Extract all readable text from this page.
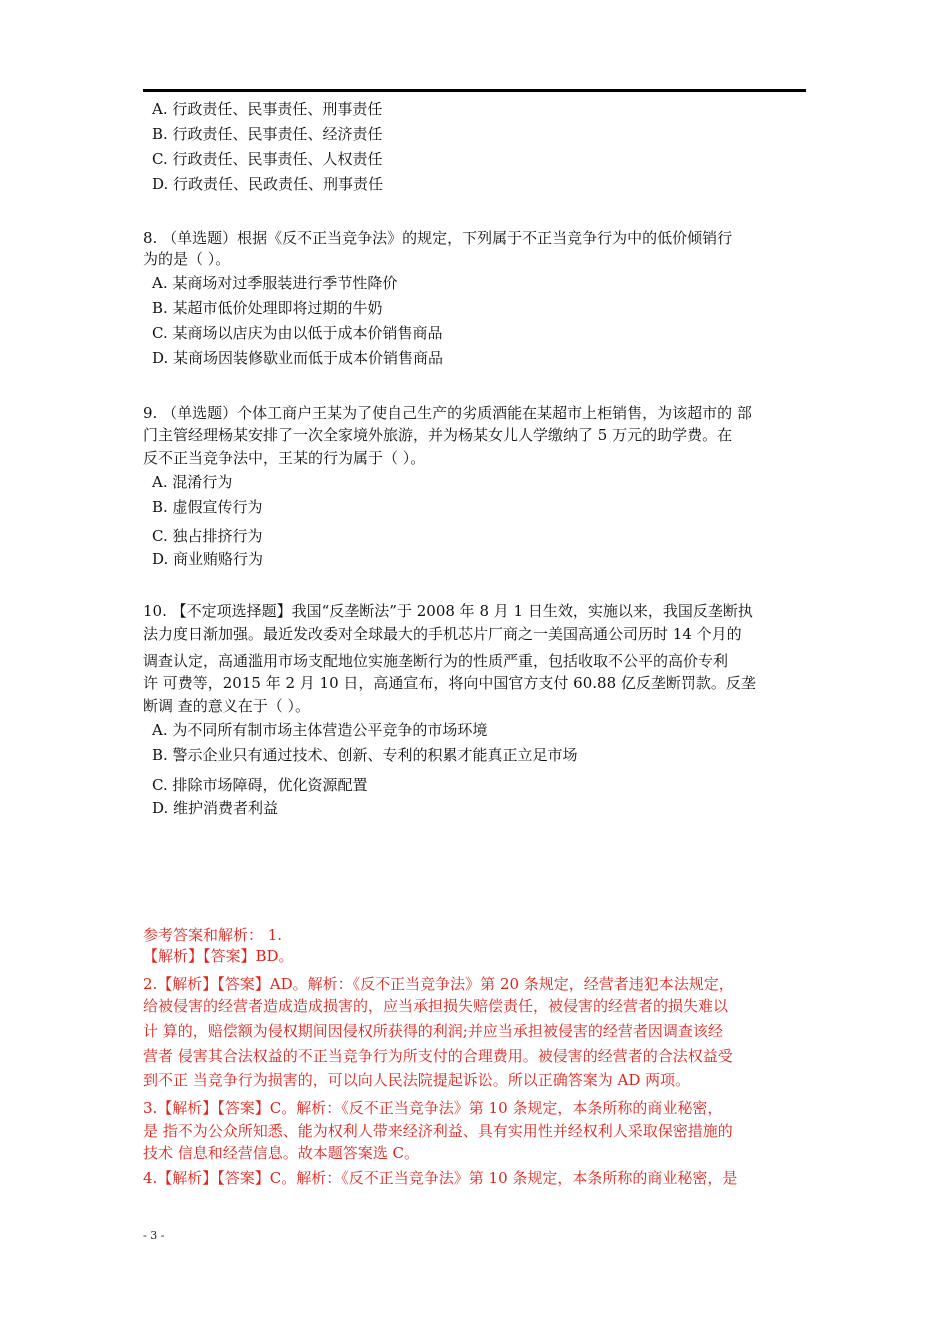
A. 行政责任、民事责任、刑事责任
B. 行政责任、民事责任、经济责任
C. 行政责任、民事责任、人权责任
D. 行政责任、民政责任、刑事责任
8. （单选题）根据《反不正当竞争法》的规定，下列属于不正当竞争行为中的低价倾销行
为的是（ ）。
A. 某商场对过季服装进行季节性降价
B. 某超市低价处理即将过期的牛奶
C. 某商场以店庆为由以低于成本价销售商品
D. 某商场因装修歇业而低于成本价销售商品
9. （单选题）个体工商户王某为了使自己生产的劣质酒能在某超市上柜销售，为该超市的 部
门主管经理杨某安排了一次全家境外旅游，并为杨某女儿人学缴纳了 5 万元的助学费。在
反不正当竞争法中，王某的行为属于（ ）。
A. 混淆行为
B. 虚假宣传行为
C. 独占排挤行为
D. 商业贿赂行为
10. 【不定项选择题】我国“反垄断法”于 2008 年 8 月 1 日生效，实施以来，我国反垄断执
法力度日渐加强。最近发改委对全球最大的手机芯片厂商之一美国高通公司历时 14 个月的
调查认定，高通滥用市场支配地位实施垄断行为的性质严重，包括收取不公平的高价专利
许 可费等，2015 年 2 月 10 日，高通宣布，将向中国官方支付 60.88 亿反垄断罚款。反垄
断调 查的意义在于（ ）。
A. 为不同所有制市场主体营造公平竞争的市场环境
B. 警示企业只有通过技术、创新、专利的积累才能真正立足市场
C. 排除市场障碍，优化资源配置
D. 维护消费者利益
参考答案和解析： 1.
【解析】【答案】BD。
2.【解析】【答案】AD。解析：《反不正当竞争法》第 20 条规定，经营者违犯本法规定，
给被侵害的经营者造成造成损害的，应当承担损失赔偿责任，被侵害的经营者的损失难以
计 算的，赔偿额为侵权期间因侵权所获得的利润;并应当承担被侵害的经营者因调查该经
营者 侵害其合法权益的不正当竞争行为所支付的合理费用。被侵害的经营者的合法权益受
到不正 当竞争行为损害的，可以向人民法院提起诉讼。所以正确答案为 AD 两项。
3.【解析】【答案】C。解析：《反不正当竞争法》第 10 条规定，本条所称的商业秘密，
是 指不为公众所知悉、能为权利人带来经济利益、具有实用性并经权利人采取保密措施的
技术 信息和经营信息。故本题答案选 C。
4.【解析】【答案】C。解析：《反不正当竞争法》第 10 条规定，本条所称的商业秘密，是
- 3 -
